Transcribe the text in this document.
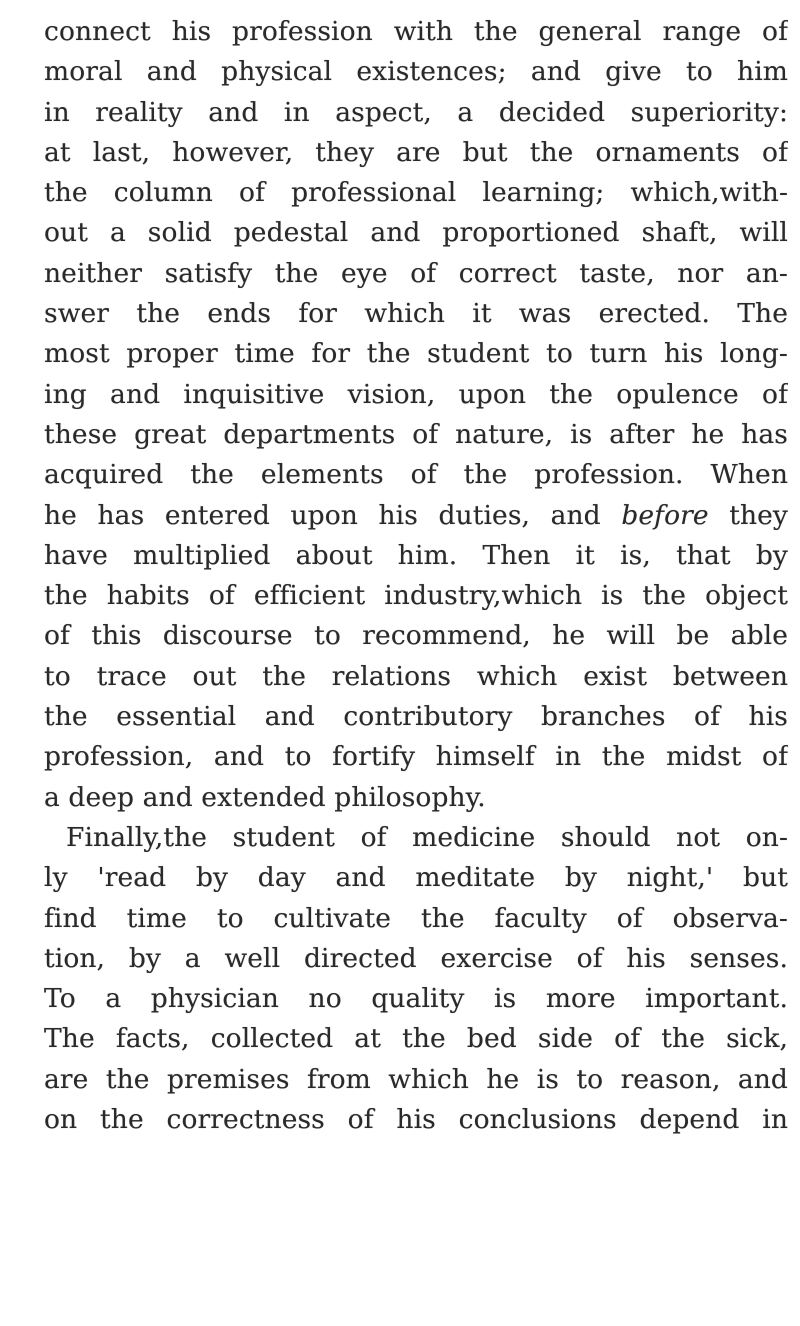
connect his profession with the general range of
moral and physical existences; and give to him
in reality and in aspect, a decided superiority:
at last, however, they are but the ornaments of
the column of professional learning; which,with-
out a solid pedestal and proportioned shaft, will
neither satisfy the eye of correct taste, nor an-
swer the ends for which it was erected. The
most proper time for the student to turn his long-
ing and inquisitive vision, upon the opulence of
these great departments of nature, is after he has
acquired the elements of the profession. When
he has entered upon his duties, and before they
have multiplied about him. Then it is, that by
the habits of efficient industry,which is the object
of this discourse to recommend, he will be able
to trace out the relations which exist between
the essential and contributory branches of his
profession, and to fortify himself in the midst of
a deep and extended philosophy.
Finally,the student of medicine should not on-
ly 'read by day and meditate by night,' but
find time to cultivate the faculty of observa-
tion, by a well directed exercise of his senses.
To a physician no quality is more important.
The facts, collected at the bed side of the sick,
are the premises from which he is to reason, and
on the correctness of his conclusions depend in
